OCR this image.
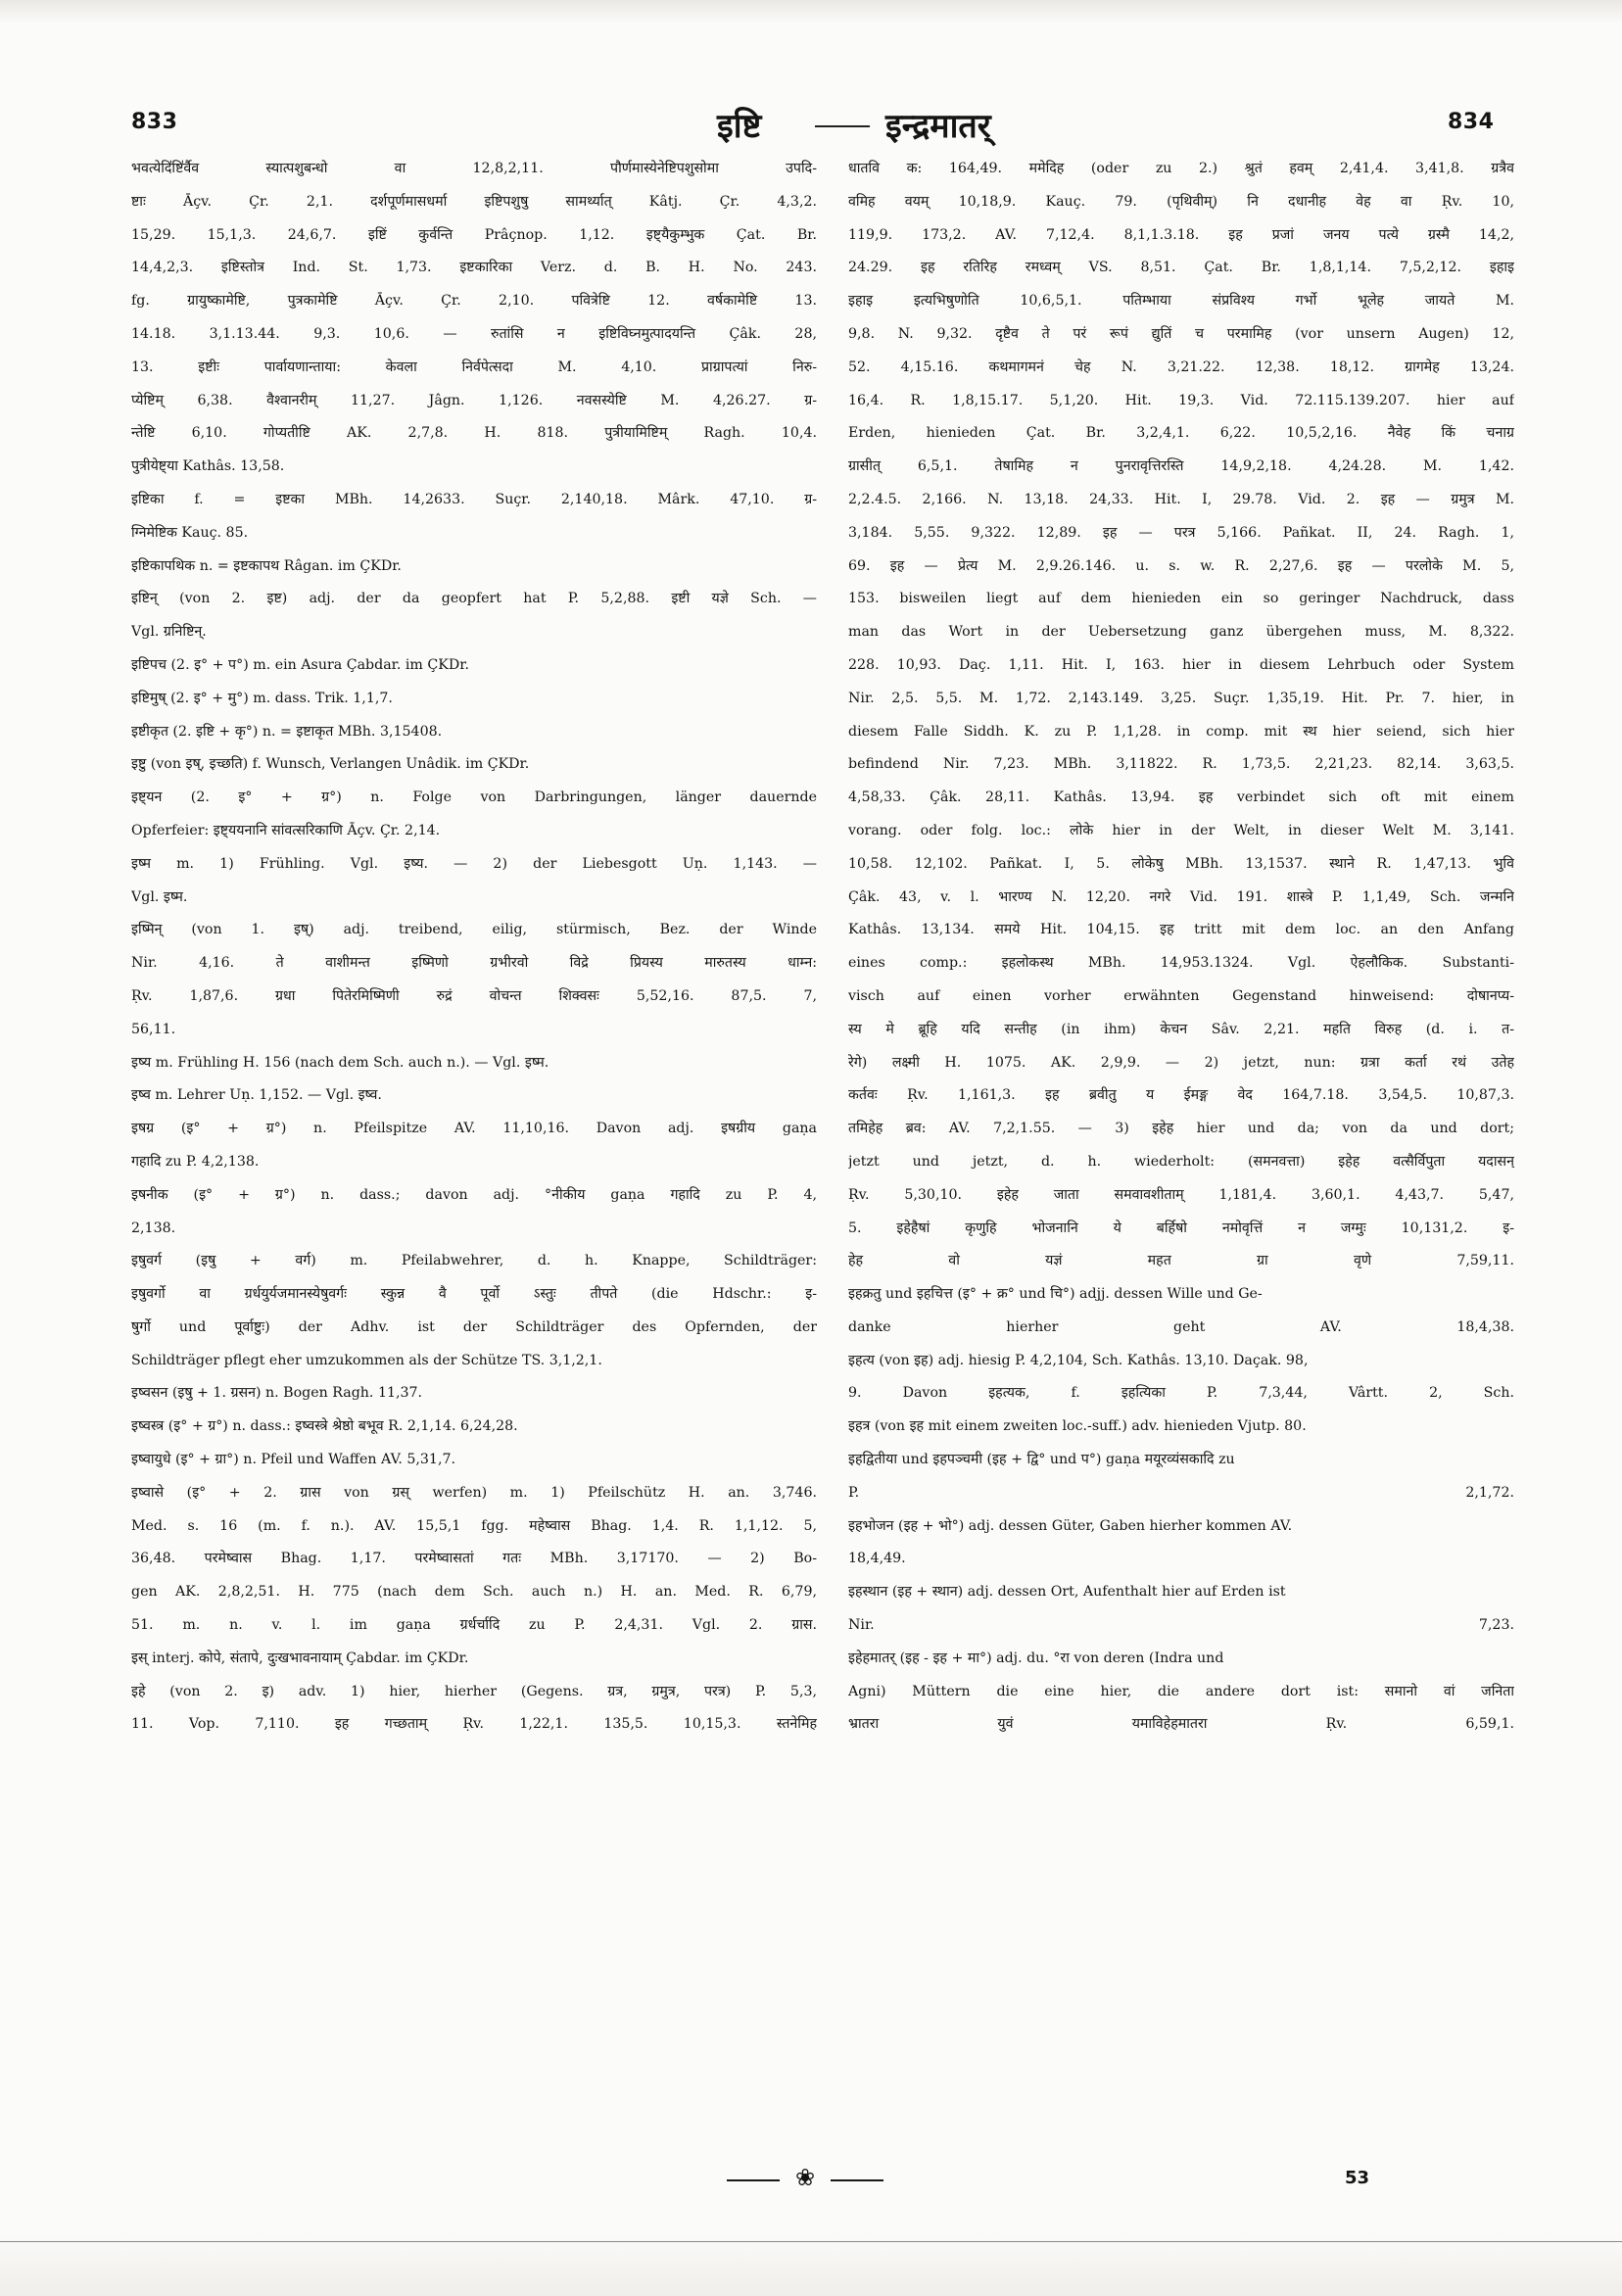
833	इष्टि	इन्द्रमातर्	834
भवत्येदि॑ष्टि॑र्वैव स्यात्पशुबन्धो वा 12,8,2,11. पौर्णमास्येनेष्टिपशुसोमा उपदि-
ष्टाः Āçv. Çr. 2,1. दर्शपूर्णमासधर्मा इष्टिपशुषु सामर्थ्यात् Kâtj. Çr. 4,3,2.
15,29. 15,1,3. 24,6,7. इष्टिं कुर्वन्ति Prâçnop. 1,12. इष्ट्यैकुम्भुक Çat. Br.
14,4,2,3. इष्टिस्तोत्र Ind. St. 1,73. इष्टकारिका Verz. d. B. H. No. 243.
fg. ग्रायुष्कामेष्टि, पुत्रकामेष्टि Āçv. Çr. 2,10. पवित्रेष्टि 12. वर्षकामेष्टि 13.
14.18. 3,1.13.44. 9,3. 10,6. — रुतांसि न इष्टिविघ्नमुत्पादयन्ति Çâk. 28,
13. इष्टीः पार्वायणान्ताया: केवला निर्वपेत्सदा M. 4,10. प्राग्रापत्यां निरु-
प्येष्टिम् 6,38. वैश्वानरीम् 11,27. Jâgn. 1,126. नवसस्येष्टि M. 4,26.27. ग्र-
न्तेष्टि 6,10. गोप्यतीष्टि AK. 2,7,8. H. 818. पुत्रीयामिष्टिम् Ragh. 10,4.
पुत्रीयेष्ट्या Kathâs. 13,58.
इष्टिका f. = इष्टका MBh. 14,2633. Suçr. 2,140,18. Mârk. 47,10. ग्र-
ग्निमेष्टिक Kauç. 85.
इष्टिकापथिक n. = इष्टकापथ Râgan. im ÇKDr.
इष्टिन् (von 2. इष्ट) adj. der da geopfert hat P. 5,2,88. इष्टी यज्ञे Sch. —
Vgl. ग्रनिष्टिन्.
इष्टिपच (2. इ° + प°) m. ein Asura Çabdar. im ÇKDr.
इष्टिमुष् (2. इ° + मु°) m. dass. Trik. 1,1,7.
इष्टीकृत (2. इष्टि + कृ°) n. = इष्टाकृत MBh. 3,15408.
इष्टु (von इष्, इच्छति) f. Wunsch, Verlangen Unâdik. im ÇKDr.
इष्ट्यन (2. इ° + ग्र°) n. Folge von Darbringungen, länger dauernde
Opferfeier: इष्ट्ययनानि सांवत्सरिकाणि Āçv. Çr. 2,14.
इष्म m. 1) Frühling. Vgl. इष्य. — 2) der Liebesgott Uṇ. 1,143. —
Vgl. इष्म.
इष्मिन् (von 1. इष्) adj. treibend, eilig, stürmisch, Bez. der Winde
Nir. 4,16. ते वाशीमन्त इष्मिणो ग्रभीरवो विद्रे प्रियस्य मारुतस्य धाम्न:
Ṛv. 1,87,6. ग्रधा पितेरमिष्मिणी रुद्रं वोचन्त शिक्वसः 5,52,16. 87,5. 7,
56,11.
इष्य m. Frühling H. 156 (nach dem Sch. auch n.). — Vgl. इष्म.
इष्व m. Lehrer Uṇ. 1,152. — Vgl. इष्व.
इषग्र (इ° + ग्र°) n. Pfeilspitze AV. 11,10,16. Davon adj. इषग्रीय gaṇa
गहादि zu P. 4,2,138.
इषनीक (इ° + ग्र°) n. dass.; davon adj. °नीकीय gaṇa गहादि zu P. 4,
2,138.
इषुवर्ग (इषु + वर्ग) m. Pfeilabwehrer, d. h. Knappe, Schildträger:
इषुवर्गो वा ग्रर्धयुर्यजमानस्येषुवर्गः स्कुन्न वै पूर्वो ऽस्तुः तीपते (die Hdschr.: इ-
षुर्गो und पूर्वाष्टुः) der Adhv. ist der Schildträger des Opfernden, der
Schildträger pflegt eher umzukommen als der Schütze TS. 3,1,2,1.
इष्वसन (इषु + 1. ग्रसन) n. Bogen Ragh. 11,37.
इष्वस्त्र (इ° + ग्र°) n. dass.: इष्वस्त्रे श्रेष्ठो बभूव R. 2,1,14. 6,24,28.
इष्वायुधे (इ° + ग्रा°) n. Pfeil und Waffen AV. 5,31,7.
इष्वासे (इ° + 2. ग्रास von ग्रस् werfen) m. 1) Pfeilschütz H. an. 3,746.
Med. s. 16 (m. f. n.). AV. 15,5,1 fgg. महेष्वास Bhag. 1,4. R. 1,1,12. 5,
36,48. परमेष्वास Bhag. 1,17. परमेष्वासतां गतः MBh. 3,17170. — 2) Bo-
gen AK. 2,8,2,51. H. 775 (nach dem Sch. auch n.) H. an. Med. R. 6,79,
51. m. n. v. l. im gaṇa ग्रर्धर्चादि zu P. 2,4,31. Vgl. 2. ग्रास.
इस् interj. कोपे, संतापे, दुःखभावनायाम् Çabdar. im ÇKDr.
इहे (von 2. इ) adv. 1) hier, hierher (Gegens. ग्रत्र, ग्रमुत्र, परत्र) P. 5,3,
11. Vop. 7,110. इह गच्छताम् Ṛv. 1,22,1. 135,5. 10,15,3. स्तनेमिह
धातवि क: 164,49. ममेदिह (oder zu 2.) श्रुतं हवम् 2,41,4. 3,41,8. ग्रत्रैव
वमिह वयम् 10,18,9. Kauç. 79. (पृथिवीम्) नि दधानीह वेह वा Ṛv. 10,
119,9. 173,2. AV. 7,12,4. 8,1,1.3.18. इह प्रजां जनय पत्ये ग्रस्मै 14,2,
24.29. इह रतिरिह रमध्वम् VS. 8,51. Çat. Br. 1,8,1,14. 7,5,2,12. इहाइ
इहाइ इत्यभिषुणोति 10,6,5,1. पतिम्भाया संप्रविश्य गर्भो भूलेह जायते M.
9,8. N. 9,32. दृष्टैव ते परं रूपं द्युतिं च परमामिह (vor unsern Augen) 12,
52. 4,15.16. कथमागमनं चेह N. 3,21.22. 12,38. 18,12. ग्रागमेह 13,24.
16,4. R. 1,8,15.17. 5,1,20. Hit. 19,3. Vid. 72.115.139.207. hier auf
Erden, hienieden Çat. Br. 3,2,4,1. 6,22. 10,5,2,16. नैवेह किं चनाग्र
ग्रासीत् 6,5,1. तेषामिह न पुनरावृत्तिरस्ति 14,9,2,18. 4,24.28. M. 1,42.
2,2.4.5. 2,166. N. 13,18. 24,33. Hit. I, 29.78. Vid. 2. इह — ग्रमुत्र M.
3,184. 5,55. 9,322. 12,89. इह — परत्र 5,166. Pañkat. II, 24. Ragh. 1,
69. इह — प्रेत्य M. 2,9.26.146. u. s. w. R. 2,27,6. इह — परलोके M. 5,
153. bisweilen liegt auf dem hienieden ein so geringer Nachdruck, dass
man das Wort in der Uebersetzung ganz übergehen muss, M. 8,322.
228. 10,93. Daç. 1,11. Hit. I, 163. hier in diesem Lehrbuch oder System
Nir. 2,5. 5,5. M. 1,72. 2,143.149. 3,25. Suçr. 1,35,19. Hit. Pr. 7. hier, in
diesem Falle Siddh. K. zu P. 1,1,28. in comp. mit स्थ hier seiend, sich hier
befindend Nir. 7,23. MBh. 3,11822. R. 1,73,5. 2,21,23. 82,14. 3,63,5.
4,58,33. Çâk. 28,11. Kathâs. 13,94. इह verbindet sich oft mit einem
vorang. oder folg. loc.: लोके hier in der Welt, in dieser Welt M. 3,141.
10,58. 12,102. Pañkat. I, 5. लोकेषु MBh. 13,1537. स्थाने R. 1,47,13. भुवि
Çâk. 43, v. l. भारण्य N. 12,20. नगरे Vid. 191. शास्त्रे P. 1,1,49, Sch. जन्मनि
Kathâs. 13,134. समये Hit. 104,15. इह tritt mit dem loc. an den Anfang
eines comp.: इहलोकस्थ MBh. 14,953.1324. Vgl. ऐहलौकिक. Substanti-
visch auf einen vorher erwähnten Gegenstand hinweisend: दोषानप्य-
स्य मे ब्रूहि यदि सन्तीह (in ihm) केचन Sâv. 2,21. महति विरुह (d. i. त-
रेगे) लक्ष्मी H. 1075. AK. 2,9,9. — 2) jetzt, nun: ग्रत्रा कर्ता रथं उतेह
कर्तवः Ṛv. 1,161,3. इह ब्रवीतु य ईमङ्ग वेद 164,7.18. 3,54,5. 10,87,3.
तमिहेह ब्रव: AV. 7,2,1.55. — 3) इहेह hier und da; von da und dort;
jetzt und jetzt, d. h. wiederholt: (समनवत्ता) इहेह वत्सैर्विपुता यदासन्
Ṛv. 5,30,10. इहेह जाता समवावशीताम् 1,181,4. 3,60,1. 4,43,7. 5,47,
5. इहेहैषां कृणुहि भोजनानि ये बर्हिषो नमोवृत्तिं न जग्मुः 10,131,2. इ-
हेह वो यज्ञं महत ग्रा वृणे 7,59,11.
इहक्रतु und इहचित्त (इ° + क्र° und चि°) adjj. dessen Wille und Ge-
danke hierher geht AV. 18,4,38.
इहत्य (von इह) adj. hiesig P. 4,2,104, Sch. Kathâs. 13,10. Daçak. 98,
9. Davon इहत्यक, f. इहत्यिका P. 7,3,44, Vârtt. 2, Sch.
इहत्र (von इह mit einem zweiten loc.-suff.) adv. hienieden Vjutp. 80.
इहद्वितीया und इहपञ्चमी (इह + द्वि° und प°) gaṇa मयूरव्यंसकादि zu
P. 2,1,72.
इहभोजन (इह + भो°) adj. dessen Güter, Gaben hierher kommen AV.
18,4,49.
इहस्थान (इह + स्थान) adj. dessen Ort, Aufenthalt hier auf Erden ist
Nir. 7,23.
इहेहमातर् (इह - इह + मा°) adj. du. °रा von deren (Indra und
Agni) Müttern die eine hier, die andere dort ist: समानो वां जनिता
भ्रातरा युवं यमाविहेहमातरा Ṛv. 6,59,1.
❀	53
